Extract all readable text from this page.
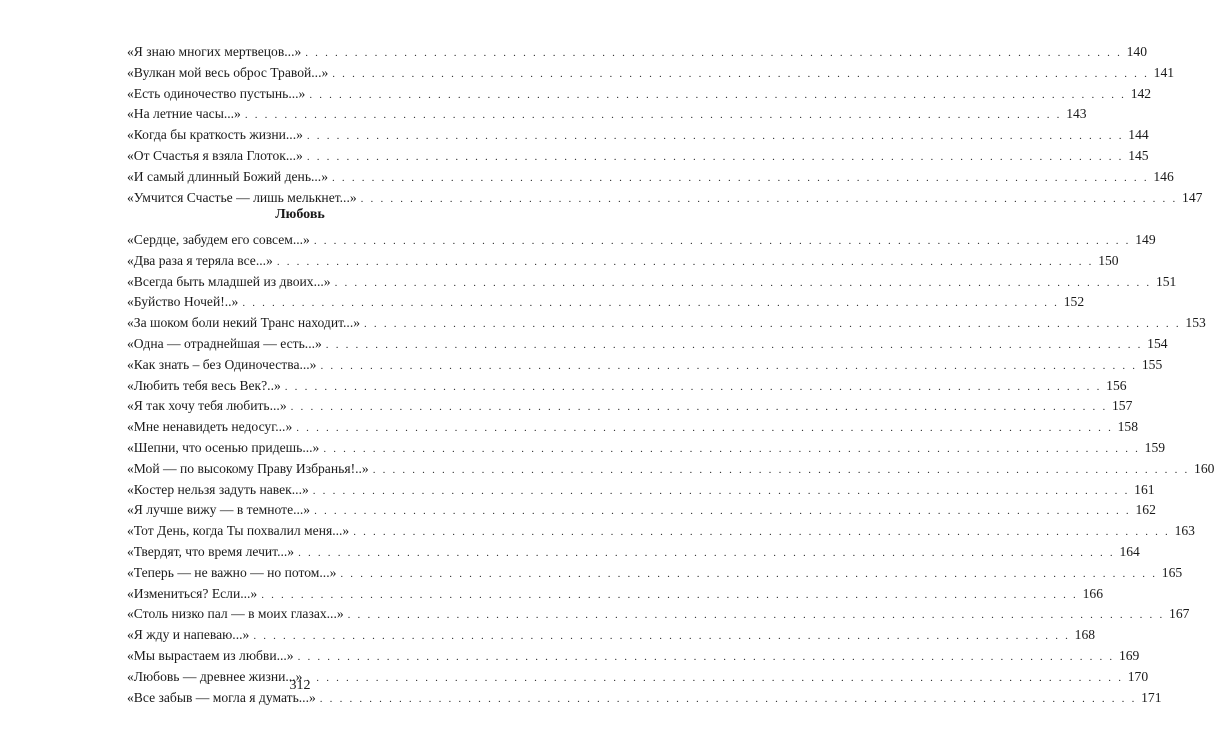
«Я знаю многих мертвецов...» . . . . . . . . . . . . . . . . . . . . . . . . . . . . . . . . . . . . . . . . . . . . . . . . . . . . . . . . . . . . . . . . . . . . . . . . . . . . . . . . . . . 140
«Вулкан мой весь оброс Травой...» . . . . . . . . . . . . . . . . . . . . . . . . . . . . . . . . . . . . . . . . . . . . . . . . . . . . . . . . . . . . . . . . . . . . . . . . . . . . . . . . . . . 141
«Есть одиночество пустынь...» . . . . . . . . . . . . . . . . . . . . . . . . . . . . . . . . . . . . . . . . . . . . . . . . . . . . . . . . . . . . . . . . . . . . . . . . . . . . . . . . . . . 142
«На летние часы...» . . . . . . . . . . . . . . . . . . . . . . . . . . . . . . . . . . . . . . . . . . . . . . . . . . . . . . . . . . . . . . . . . . . . . . . . . . . . . . . . . . . 143
«Когда бы краткость жизни...» . . . . . . . . . . . . . . . . . . . . . . . . . . . . . . . . . . . . . . . . . . . . . . . . . . . . . . . . . . . . . . . . . . . . . . . . . . . . . . . . . . . 144
«От Счастья я взяла Глоток...» . . . . . . . . . . . . . . . . . . . . . . . . . . . . . . . . . . . . . . . . . . . . . . . . . . . . . . . . . . . . . . . . . . . . . . . . . . . . . . . . . . . 145
«И самый длинный Божий день...» . . . . . . . . . . . . . . . . . . . . . . . . . . . . . . . . . . . . . . . . . . . . . . . . . . . . . . . . . . . . . . . . . . . . . . . . . . . . . . . . . . . 146
«Умчится Счастье — лишь мелькнет...» . . . . . . . . . . . . . . . . . . . . . . . . . . . . . . . . . . . . . . . . . . . . . . . . . . . . . . . . . . . . . . . . . . . . . . . . . . . . . . . . . . . 147
Любовь
«Сердце, забудем его совсем...» . . . . . . . . . . . . . . . . . . . . . . . . . . . . . . . . . . . . . . . . . . . . . . . . . . . . . . . . . . . . . . . . . . . . . . . . . . . . . . . . . . . 149
«Два раза я теряла все...» . . . . . . . . . . . . . . . . . . . . . . . . . . . . . . . . . . . . . . . . . . . . . . . . . . . . . . . . . . . . . . . . . . . . . . . . . . . . . . . . . . . 150
«Всегда быть младшей из двоих...» . . . . . . . . . . . . . . . . . . . . . . . . . . . . . . . . . . . . . . . . . . . . . . . . . . . . . . . . . . . . . . . . . . . . . . . . . . . . . . . . . . . 151
«Буйство Ночей!..» . . . . . . . . . . . . . . . . . . . . . . . . . . . . . . . . . . . . . . . . . . . . . . . . . . . . . . . . . . . . . . . . . . . . . . . . . . . . . . . . . . . 152
«За шоком боли некий Транс находит...» . . . . . . . . . . . . . . . . . . . . . . . . . . . . . . . . . . . . . . . . . . . . . . . . . . . . . . . . . . . . . . . . . . . . . . . . . . . . . . . . . . . 153
«Одна — отраднейшая — есть...» . . . . . . . . . . . . . . . . . . . . . . . . . . . . . . . . . . . . . . . . . . . . . . . . . . . . . . . . . . . . . . . . . . . . . . . . . . . . . . . . . . . 154
«Как знать – без Одиночества...» . . . . . . . . . . . . . . . . . . . . . . . . . . . . . . . . . . . . . . . . . . . . . . . . . . . . . . . . . . . . . . . . . . . . . . . . . . . . . . . . . . . 155
«Любить тебя весь Век?..» . . . . . . . . . . . . . . . . . . . . . . . . . . . . . . . . . . . . . . . . . . . . . . . . . . . . . . . . . . . . . . . . . . . . . . . . . . . . . . . . . . . 156
«Я так хочу тебя любить...» . . . . . . . . . . . . . . . . . . . . . . . . . . . . . . . . . . . . . . . . . . . . . . . . . . . . . . . . . . . . . . . . . . . . . . . . . . . . . . . . . . . 157
«Мне ненавидеть недосуг...» . . . . . . . . . . . . . . . . . . . . . . . . . . . . . . . . . . . . . . . . . . . . . . . . . . . . . . . . . . . . . . . . . . . . . . . . . . . . . . . . . . . 158
«Шепни, что осенью придешь...» . . . . . . . . . . . . . . . . . . . . . . . . . . . . . . . . . . . . . . . . . . . . . . . . . . . . . . . . . . . . . . . . . . . . . . . . . . . . . . . . . . . 159
«Мой — по высокому Праву Избранья!..» . . . . . . . . . . . . . . . . . . . . . . . . . . . . . . . . . . . . . . . . . . . . . . . . . . . . . . . . . . . . . . . . . . . . . . . . . . . . . . . . . . . 160
«Костер нельзя задуть навек...» . . . . . . . . . . . . . . . . . . . . . . . . . . . . . . . . . . . . . . . . . . . . . . . . . . . . . . . . . . . . . . . . . . . . . . . . . . . . . . . . . . . 161
«Я лучше вижу — в темноте...» . . . . . . . . . . . . . . . . . . . . . . . . . . . . . . . . . . . . . . . . . . . . . . . . . . . . . . . . . . . . . . . . . . . . . . . . . . . . . . . . . . . 162
«Тот День, когда Ты похвалил меня...» . . . . . . . . . . . . . . . . . . . . . . . . . . . . . . . . . . . . . . . . . . . . . . . . . . . . . . . . . . . . . . . . . . . . . . . . . . . . . . . . . . . 163
«Твердят, что время лечит...» . . . . . . . . . . . . . . . . . . . . . . . . . . . . . . . . . . . . . . . . . . . . . . . . . . . . . . . . . . . . . . . . . . . . . . . . . . . . . . . . . . . 164
«Теперь — не важно — но потом...» . . . . . . . . . . . . . . . . . . . . . . . . . . . . . . . . . . . . . . . . . . . . . . . . . . . . . . . . . . . . . . . . . . . . . . . . . . . . . . . . . . . 165
«Измениться? Если...» . . . . . . . . . . . . . . . . . . . . . . . . . . . . . . . . . . . . . . . . . . . . . . . . . . . . . . . . . . . . . . . . . . . . . . . . . . . . . . . . . . . 166
«Столь низко пал — в моих глазах...» . . . . . . . . . . . . . . . . . . . . . . . . . . . . . . . . . . . . . . . . . . . . . . . . . . . . . . . . . . . . . . . . . . . . . . . . . . . . . . . . . . . 167
«Я жду и напеваю...» . . . . . . . . . . . . . . . . . . . . . . . . . . . . . . . . . . . . . . . . . . . . . . . . . . . . . . . . . . . . . . . . . . . . . . . . . . . . . . . . . . . 168
«Мы вырастаем из любви...» . . . . . . . . . . . . . . . . . . . . . . . . . . . . . . . . . . . . . . . . . . . . . . . . . . . . . . . . . . . . . . . . . . . . . . . . . . . . . . . . . . . 169
«Любовь — древнее жизни...» . . . . . . . . . . . . . . . . . . . . . . . . . . . . . . . . . . . . . . . . . . . . . . . . . . . . . . . . . . . . . . . . . . . . . . . . . . . . . . . . . . . 170
«Все забыв — могла я думать...» . . . . . . . . . . . . . . . . . . . . . . . . . . . . . . . . . . . . . . . . . . . . . . . . . . . . . . . . . . . . . . . . . . . . . . . . . . . . . . . . . . . 171
312
